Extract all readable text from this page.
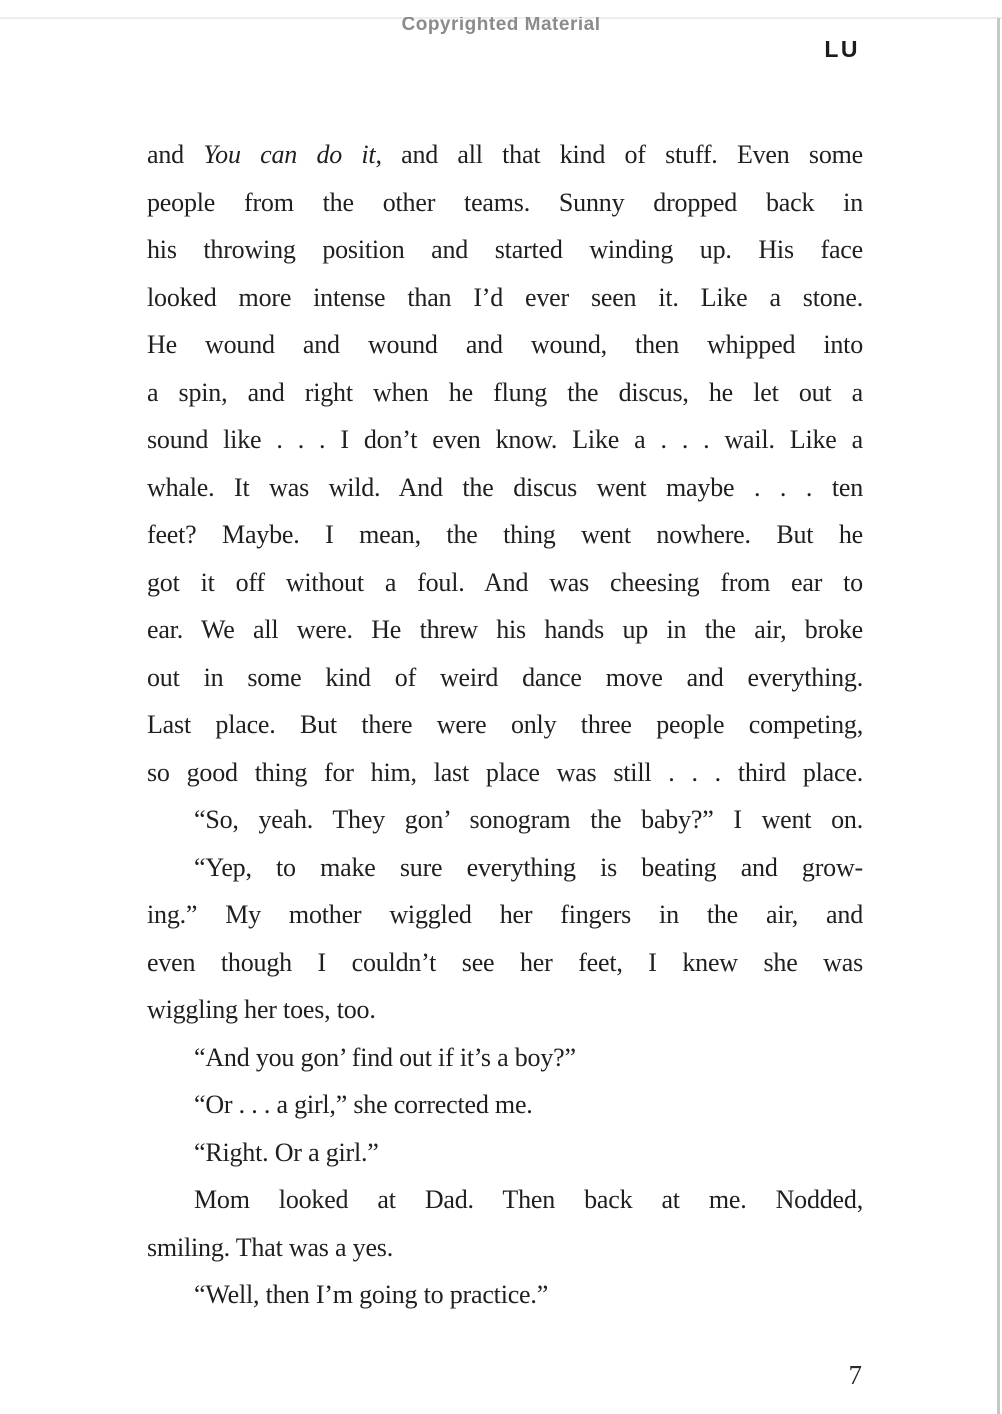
Copyrighted Material
LU
and You can do it, and all that kind of stuff. Even some
people from the other teams. Sunny dropped back in
his throwing position and started winding up. His face
looked more intense than I’d ever seen it. Like a stone.
He wound and wound and wound, then whipped into
a spin, and right when he flung the discus, he let out a
sound like . . . I don’t even know. Like a . . . wail. Like a
whale. It was wild. And the discus went maybe . . . ten
feet? Maybe. I mean, the thing went nowhere. But he
got it off without a foul. And was cheesing from ear to
ear. We all were. He threw his hands up in the air, broke
out in some kind of weird dance move and everything.
Last place. But there were only three people competing,
so good thing for him, last place was still . . . third place.
“So, yeah. They gon’ sonogram the baby?” I went on.
“Yep, to make sure everything is beating and grow-
ing.” My mother wiggled her fingers in the air, and
even though I couldn’t see her feet, I knew she was
wiggling her toes, too.
“And you gon’ find out if it’s a boy?”
“Or . . . a girl,” she corrected me.
“Right. Or a girl.”
Mom looked at Dad. Then back at me. Nodded,
smiling. That was a yes.
“Well, then I’m going to practice.”
7
